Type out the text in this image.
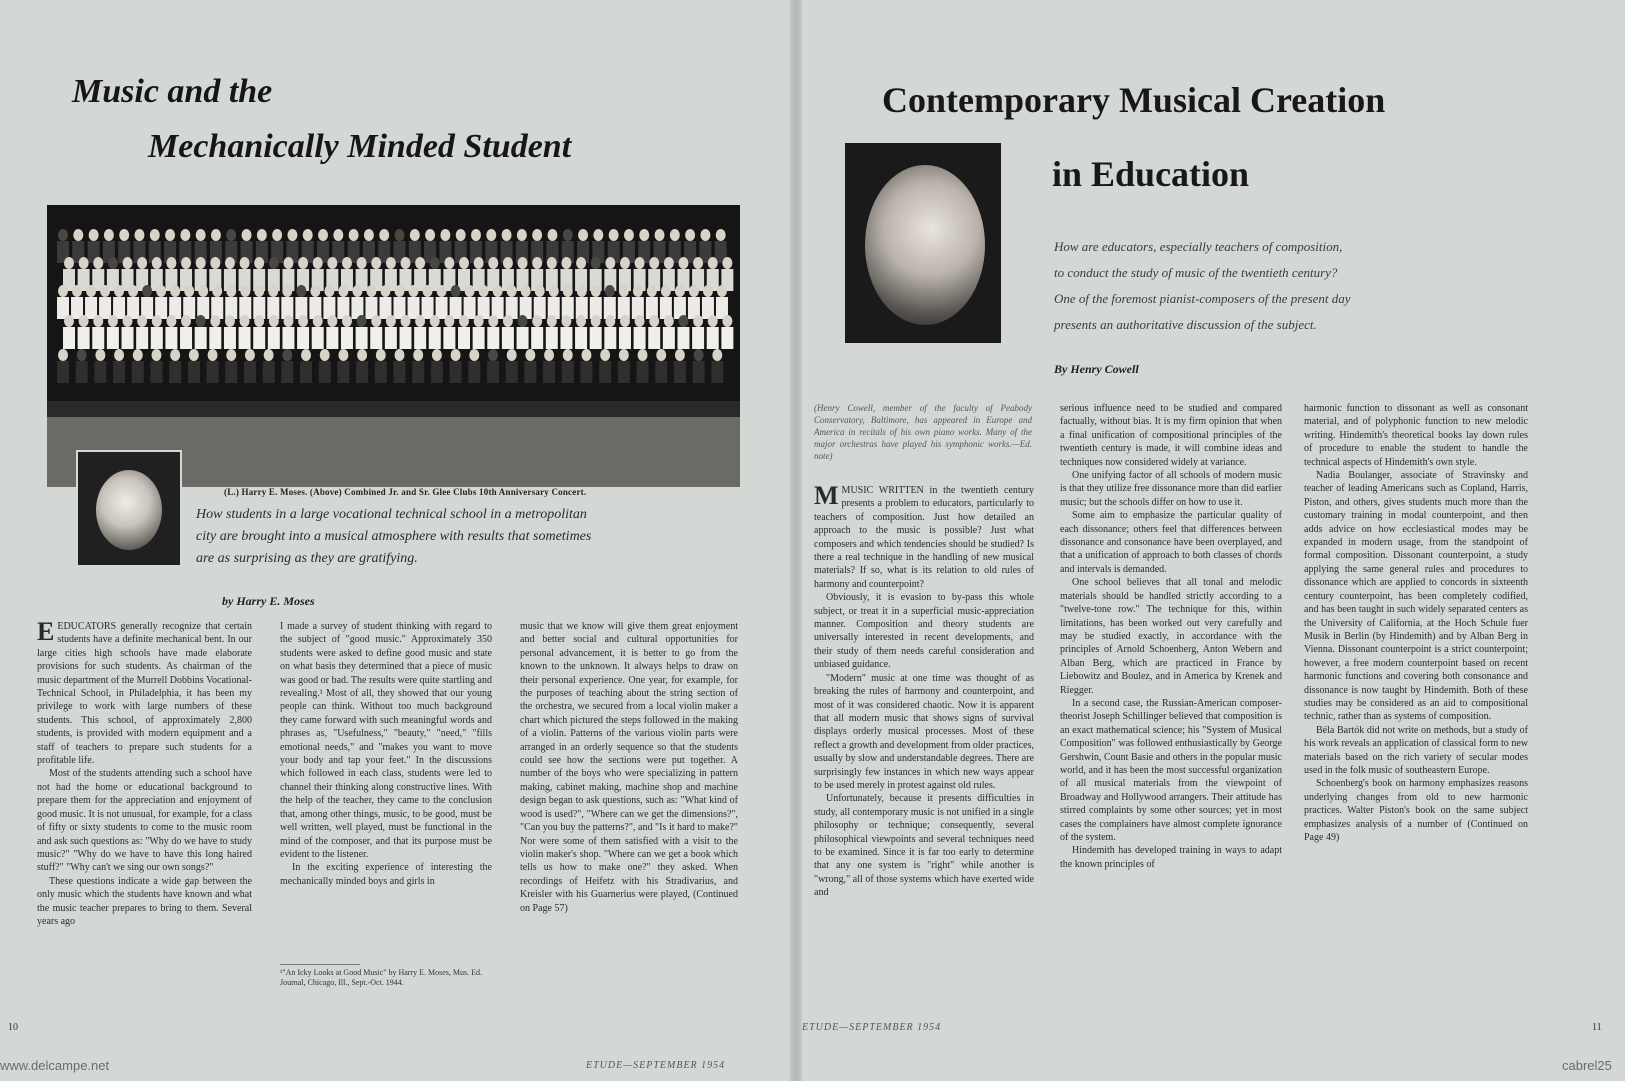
Music and the
Mechanically Minded Student
(L.) Harry E. Moses. (Above) Combined Jr. and Sr. Glee Clubs 10th Anniversary Concert.
How students in a large vocational technical school in a metropolitan city are brought into a musical atmosphere with results that sometimes are as surprising as they are gratifying.
by Harry E. Moses

EEDUCATORS generally recognize that certain students have a definite mechanical bent. In our large cities high schools have made elaborate provisions for such students. As chairman of the music department of the Murrell Dobbins Vocational-Technical School, in Philadelphia, it has been my privilege to work with large numbers of these students. This school, of approximately 2,800 students, is provided with modern equipment and a staff of teachers to prepare such students for a profitable life.

Most of the students attending such a school have not had the home or educational background to prepare them for the appreciation and enjoyment of good music. It is not unusual, for example, for a class of fifty or sixty students to come to the music room and ask such questions as: "Why do we have to study music?" "Why do we have to have this long haired stuff?" "Why can't we sing our own songs?"

These questions indicate a wide gap between the only music which the students have known and what the music teacher prepares to bring to them. Several years ago

I made a survey of student thinking with regard to the subject of "good music." Approximately 350 students were asked to define good music and state on what basis they determined that a piece of music was good or bad. The results were quite startling and revealing.¹ Most of all, they showed that our young people can think. Without too much background they came forward with such meaningful words and phrases as, "Usefulness," "beauty," "need," "fills emotional needs," and "makes you want to move your body and tap your feet." In the discussions which followed in each class, students were led to channel their thinking along constructive lines. With the help of the teacher, they came to the conclusion that, among other things, music, to be good, must be well written, well played, must be functional in the mind of the composer, and that its purpose must be evident to the listener.

In the exciting experience of interesting the mechanically minded boys and girls in

¹"An Icky Looks at Good Music" by Harry E. Moses, Mus. Ed. Journal, Chicago, Ill., Sept.-Oct. 1944.

music that we know will give them great enjoyment and better social and cultural opportunities for personal advancement, it is better to go from the known to the unknown. It always helps to draw on their personal experience. One year, for example, for the purposes of teaching about the string section of the orchestra, we secured from a local violin maker a chart which pictured the steps followed in the making of a violin. Patterns of the various violin parts were arranged in an orderly sequence so that the students could see how the sections were put together. A number of the boys who were specializing in pattern making, cabinet making, machine shop and machine design began to ask questions, such as: "What kind of wood is used?", "Where can we get the dimensions?", "Can you buy the patterns?", and "Is it hard to make?" Nor were some of them satisfied with a visit to the violin maker's shop. "Where can we get a book which tells us how to make one?" they asked. When recordings of Heifetz with his Stradivarius, and Kreisler with his Guarnerius were played, (Continued on Page 57)

10
ETUDE—SEPTEMBER 1954
www.delcampe.net
Contemporary Musical Creation
in Education
How are educators, especially teachers of composition,
to conduct the study of music of the twentieth century?
One of the foremost pianist-composers of the present day
presents an authoritative discussion of the subject.
By Henry Cowell
(Henry Cowell, member of the faculty of Peabody Conservatory, Baltimore, has appeared in Europe and America in recitals of his own piano works. Many of the major orchestras have played his symphonic works.—Ed. note)

MMUSIC WRITTEN in the twentieth century presents a problem to educators, particularly to teachers of composition. Just how detailed an approach to the music is possible? Just what composers and which tendencies should be studied? Is there a real technique in the handling of new musical materials? If so, what is its relation to old rules of harmony and counterpoint?

Obviously, it is evasion to by-pass this whole subject, or treat it in a superficial music-appreciation manner. Composition and theory students are universally interested in recent developments, and their study of them needs careful consideration and unbiased guidance.

"Modern" music at one time was thought of as breaking the rules of harmony and counterpoint, and most of it was considered chaotic. Now it is apparent that all modern music that shows signs of survival displays orderly musical processes. Most of these reflect a growth and development from older practices, usually by slow and understandable degrees. There are surprisingly few instances in which new ways appear to be used merely in protest against old rules.

Unfortunately, because it presents difficulties in study, all contemporary music is not unified in a single philosophy or technique; consequently, several philosophical viewpoints and several techniques need to be examined. Since it is far too early to determine that any one system is "right" while another is "wrong," all of those systems which have exerted wide and

serious influence need to be studied and compared factually, without bias. It is my firm opinion that when a final unification of compositional principles of the twentieth century is made, it will combine ideas and techniques now considered widely at variance.

One unifying factor of all schools of modern music is that they utilize free dissonance more than did earlier music; but the schools differ on how to use it.

Some aim to emphasize the particular quality of each dissonance; others feel that differences between dissonance and consonance have been overplayed, and that a unification of approach to both classes of chords and intervals is demanded.

One school believes that all tonal and melodic materials should be handled strictly according to a "twelve-tone row." The technique for this, within limitations, has been worked out very carefully and may be studied exactly, in accordance with the principles of Arnold Schoenberg, Anton Webern and Alban Berg, which are practiced in France by Liebowitz and Boulez, and in America by Krenek and Riegger.

In a second case, the Russian-American composer-theorist Joseph Schillinger believed that composition is an exact mathematical science; his "System of Musical Composition" was followed enthusiastically by George Gershwin, Count Basie and others in the popular music world, and it has been the most successful organization of all musical materials from the viewpoint of Broadway and Hollywood arrangers. Their attitude has stirred complaints by some other sources; yet in most cases the complainers have almost complete ignorance of the system.

Hindemith has developed training in ways to adapt the known principles of

harmonic function to dissonant as well as consonant material, and of polyphonic function to new melodic writing. Hindemith's theoretical books lay down rules of procedure to enable the student to handle the technical aspects of Hindemith's own style.

Nadia Boulanger, associate of Stravinsky and teacher of leading Americans such as Copland, Harris, Piston, and others, gives students much more than the customary training in modal counterpoint, and then adds advice on how ecclesiastical modes may be expanded in modern usage, from the standpoint of formal composition. Dissonant counterpoint, a study applying the same general rules and procedures to dissonance which are applied to concords in sixteenth century counterpoint, has been completely codified, and has been taught in such widely separated centers as the University of California, at the Hoch Schule fuer Musik in Berlin (by Hindemith) and by Alban Berg in Vienna. Dissonant counterpoint is a strict counterpoint; however, a free modern counterpoint based on recent harmonic functions and covering both consonance and dissonance is now taught by Hindemith. Both of these studies may be considered as an aid to compositional technic, rather than as systems of composition.

Béla Bartók did not write on methods, but a study of his work reveals an application of classical form to new materials based on the rich variety of secular modes used in the folk music of southeastern Europe.

Schoenberg's book on harmony emphasizes reasons underlying changes from old to new harmonic practices. Walter Piston's book on the same subject emphasizes analysis of a number of (Continued on Page 49)

ETUDE—SEPTEMBER 1954	11
cabrel25
